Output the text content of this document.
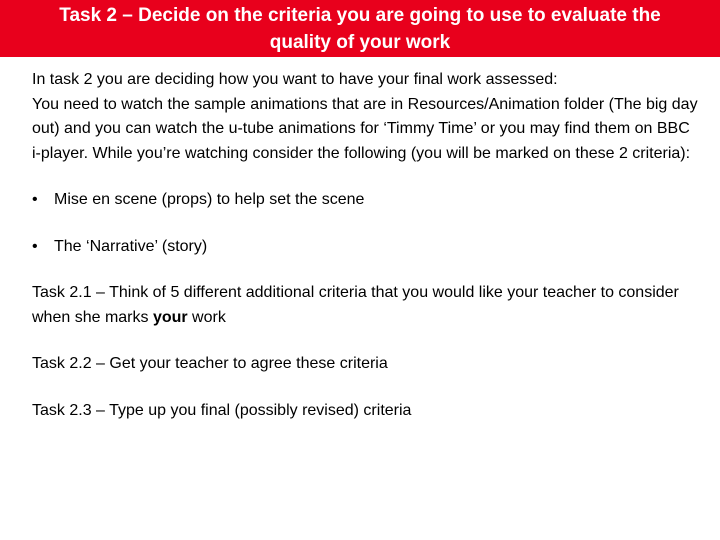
Task 2 – Decide on the criteria you are going to use to evaluate the
quality of your work

In task 2 you are deciding how you want to have your final work assessed:

You need to watch the sample animations that are in Resources/Animation folder (The big day out) and you can watch the u-tube animations for ‘Timmy Time’ or you may find them on BBC i-player. While you’re watching consider the following (you will be marked on these 2 criteria):

• Mise en scene (props) to help set the scene
• The ‘Narrative’ (story)

Task 2.1 – Think of 5 different additional criteria that you would like your teacher to consider when she marks your work

Task 2.2 – Get your teacher to agree these criteria

Task 2.3 – Type up you final (possibly revised) criteria
